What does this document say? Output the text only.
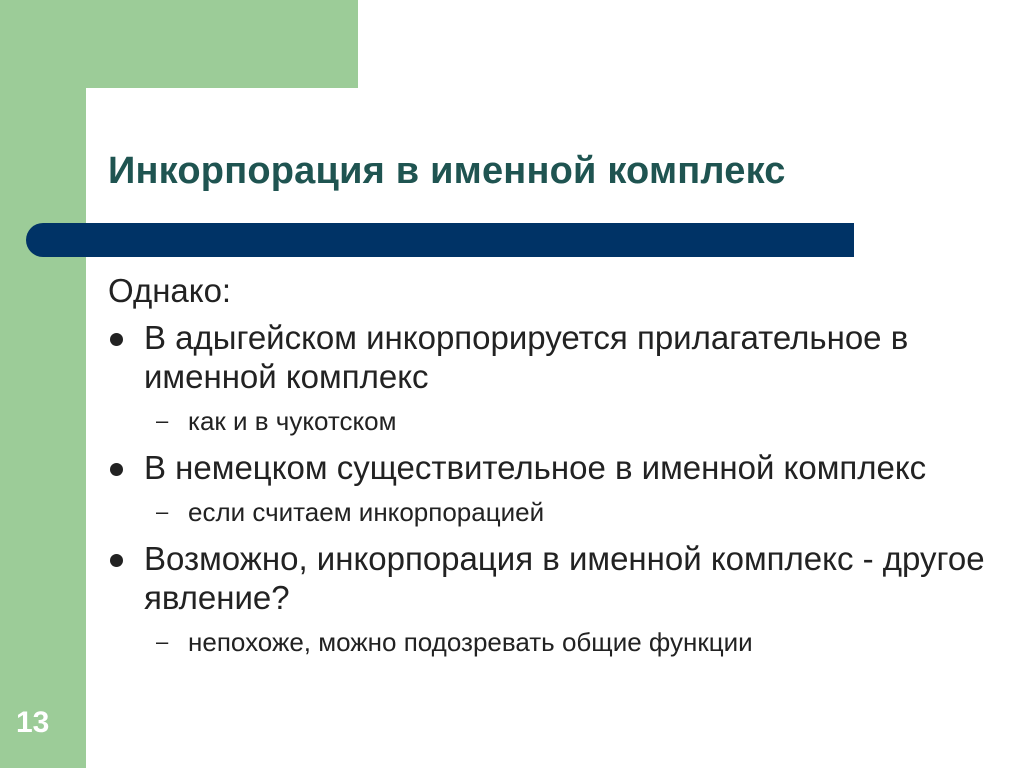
Инкорпорация в именной комплекс

Однако:

В адыгейском инкорпорируется прилагательное в именной комплекс
– как и в чукотском
В немецком существительное в именной комплекс
– если считаем инкорпорацией
Возможно, инкорпорация в именной комплекс - другое явление?
– непохоже, можно подозревать общие функции
13
